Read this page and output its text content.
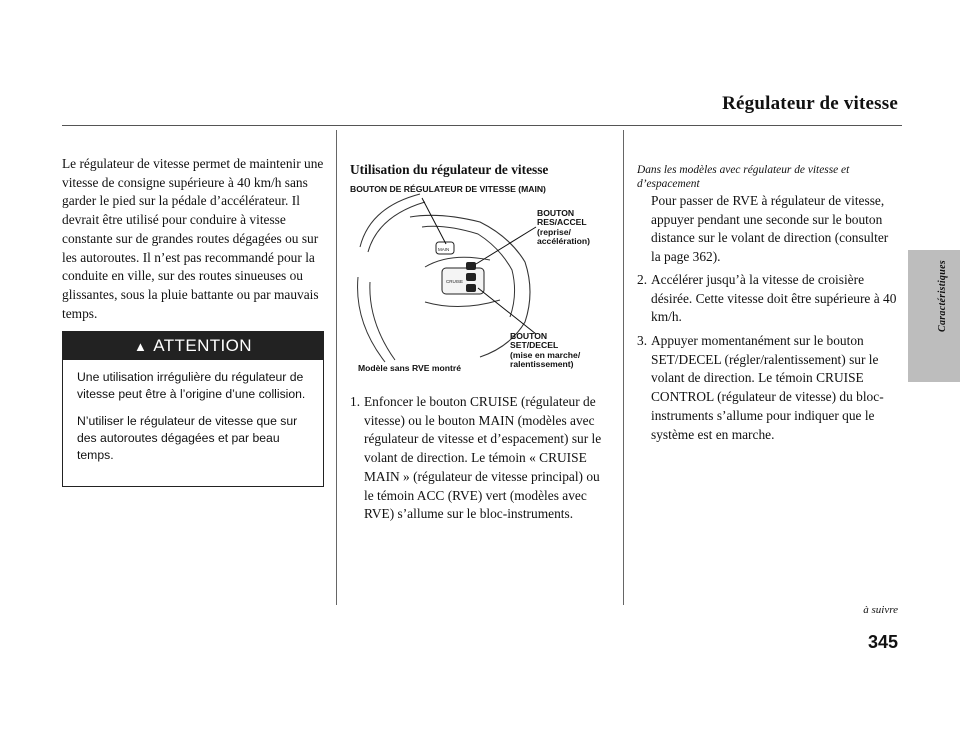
Régulateur de vitesse
Caractéristiques
Le régulateur de vitesse permet de maintenir une vitesse de consigne supérieure à 40 km/h sans garder le pied sur la pédale d’accélérateur. Il devrait être utilisé pour conduire à vitesse constante sur de grandes routes dégagées ou sur les autoroutes. Il n’est pas recommandé pour la conduite en ville, sur des routes sinueuses ou glissantes, sous la pluie battante ou par mauvais temps.
▲ ATTENTION

Une utilisation irrégulière du régulateur de vitesse peut être à l’origine d’une collision.

N’utiliser le régulateur de vitesse que sur des autoroutes dégagées et par beau temps.

Utilisation du régulateur de vitesse
MAIN
CRUISE
BOUTON DE RÉGULATEUR DE VITESSE (MAIN)
BOUTON
RES/ACCEL
(reprise/
accélération)
BOUTON
SET/DECEL
(mise en marche/
ralentissement)
Modèle sans RVE montré
1. Enfoncer le bouton CRUISE (régulateur de vitesse) ou le bouton MAIN (modèles avec régulateur de vitesse et d’espacement) sur le volant de direction. Le témoin « CRUISE MAIN » (régulateur de vitesse principal) ou le témoin ACC (RVE) vert (modèles avec RVE) s’allume sur le bloc-instruments.
Dans les modèles avec régulateur de vitesse et d’espacement
Pour passer de RVE à régulateur de vitesse, appuyer pendant une seconde sur le bouton distance sur le volant de direction (consulter la page 362).
2. Accélérer jusqu’à la vitesse de croisière désirée. Cette vitesse doit être supérieure à 40 km/h.
3. Appuyer momentanément sur le bouton SET/DECEL (régler/ralentissement) sur le volant de direction. Le témoin CRUISE CONTROL (régulateur de vitesse) du bloc-instruments s’allume pour indiquer que le système est en marche.
à suivre
345
